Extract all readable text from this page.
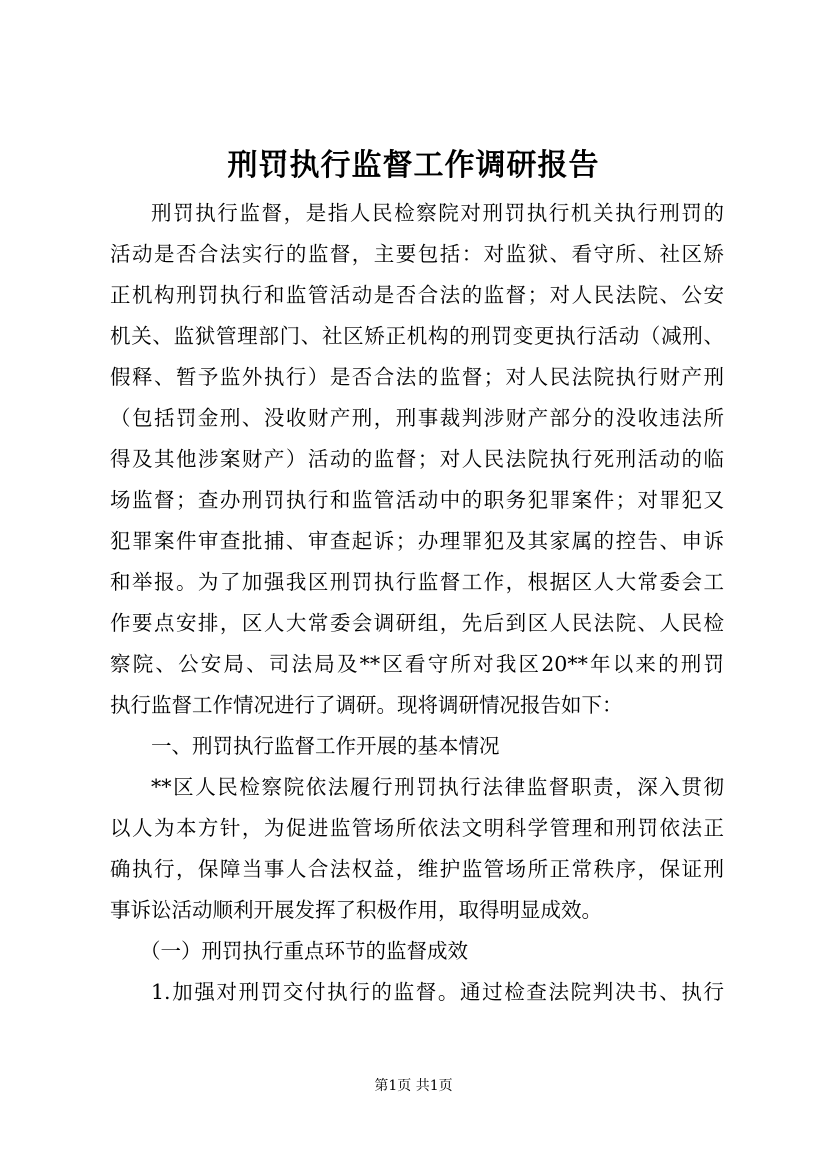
刑罚执行监督工作调研报告
刑罚执行监督，是指人民检察院对刑罚执行机关执行刑罚的
活动是否合法实行的监督，主要包括：对监狱、看守所、社区矫
正机构刑罚执行和监管活动是否合法的监督；对人民法院、公安
机关、监狱管理部门、社区矫正机构的刑罚变更执行活动（减刑、
假释、暂予监外执行）是否合法的监督；对人民法院执行财产刑
（包括罚金刑、没收财产刑，刑事裁判涉财产部分的没收违法所
得及其他涉案财产）活动的监督；对人民法院执行死刑活动的临
场监督；查办刑罚执行和监管活动中的职务犯罪案件；对罪犯又
犯罪案件审查批捕、审查起诉；办理罪犯及其家属的控告、申诉
和举报。为了加强我区刑罚执行监督工作，根据区人大常委会工
作要点安排，区人大常委会调研组，先后到区人民法院、人民检
察院、公安局、司法局及**区看守所对我区20**年以来的刑罚
执行监督工作情况进行了调研。现将调研情况报告如下：
一、刑罚执行监督工作开展的基本情况
**区人民检察院依法履行刑罚执行法律监督职责，深入贯彻
以人为本方针，为促进监管场所依法文明科学管理和刑罚依法正
确执行，保障当事人合法权益，维护监管场所正常秩序，保证刑
事诉讼活动顺利开展发挥了积极作用，取得明显成效。
（一）刑罚执行重点环节的监督成效
1.加强对刑罚交付执行的监督。通过检查法院判决书、执行
第1页 共1页
